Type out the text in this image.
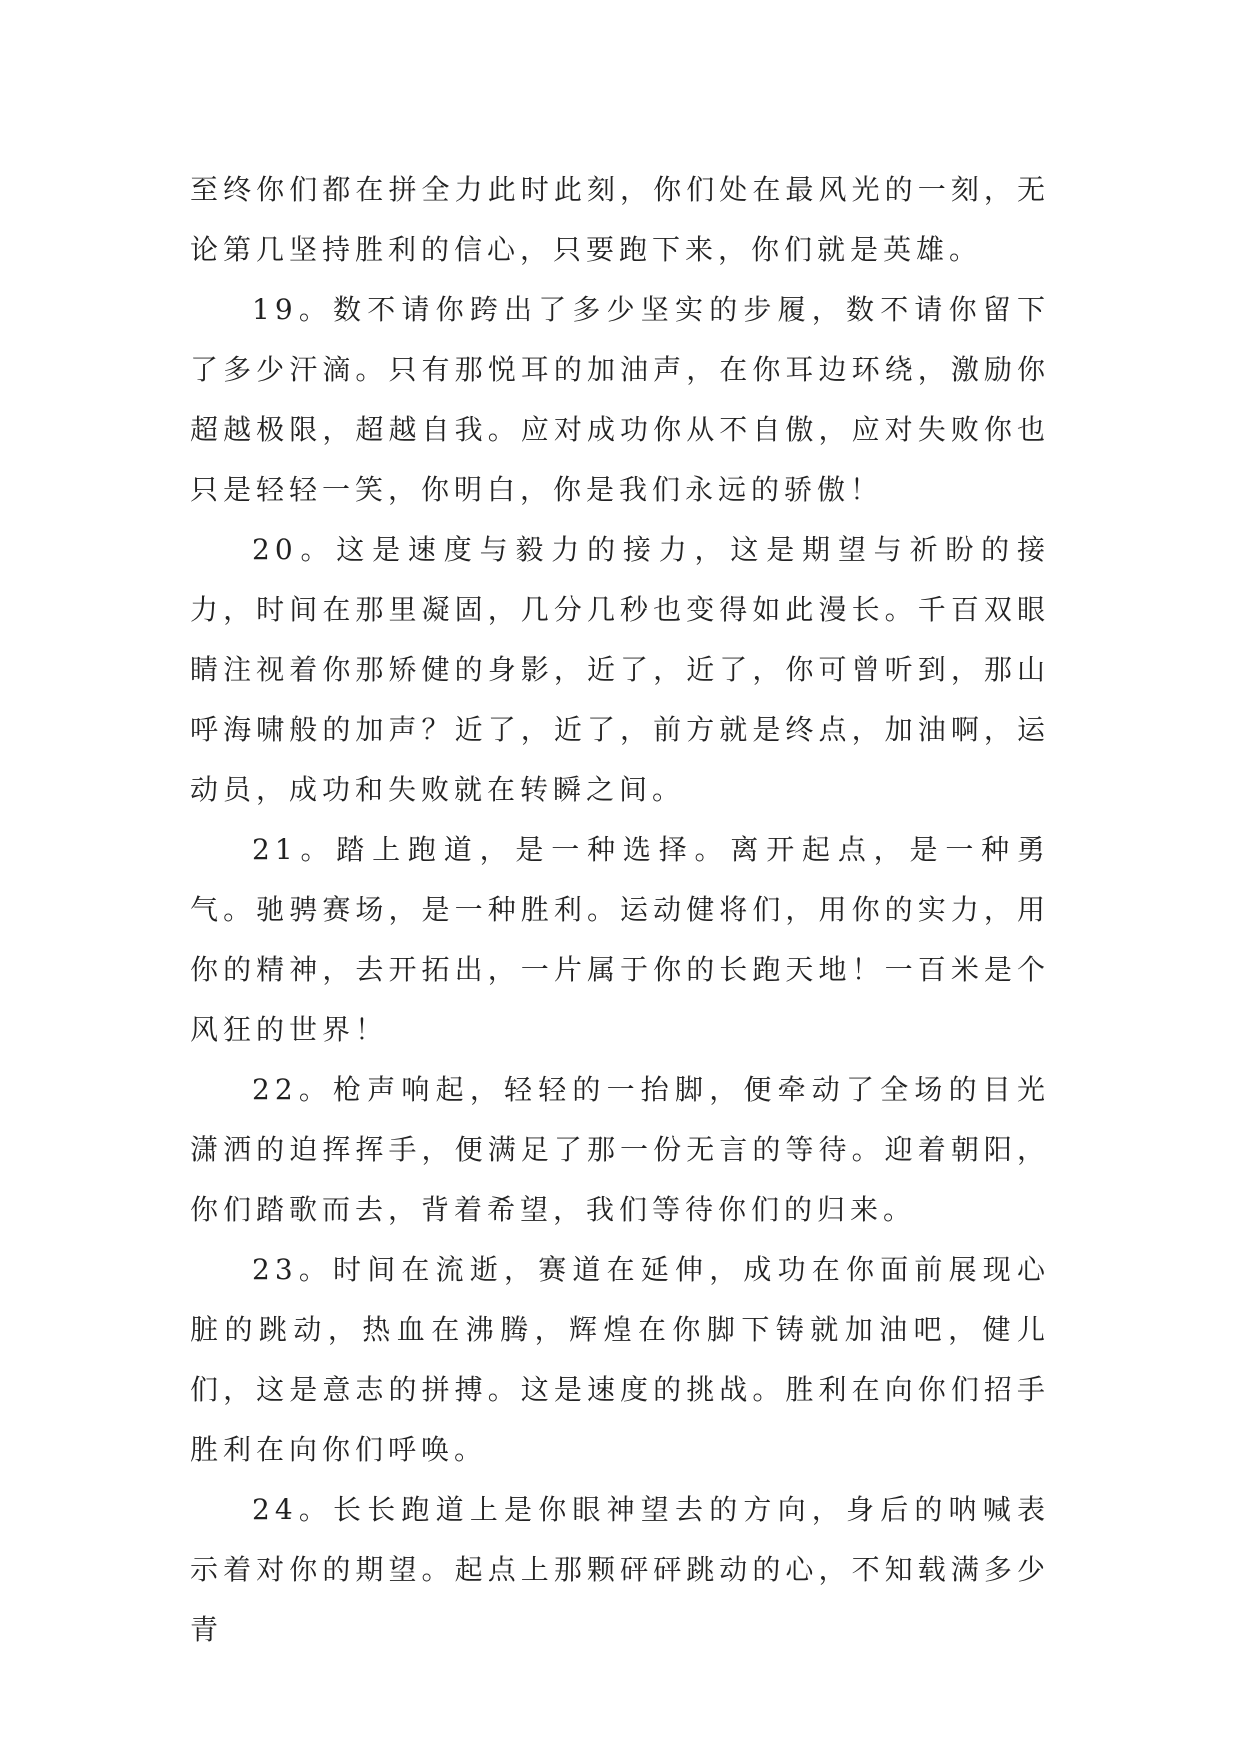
至终你们都在拼全力此时此刻，你们处在最风光的一刻，无论第几坚持胜利的信心，只要跑下来，你们就是英雄。

19。数不请你跨出了多少坚实的步履，数不请你留下了多少汗滴。只有那悦耳的加油声，在你耳边环绕，激励你超越极限，超越自我。应对成功你从不自傲，应对失败你也只是轻轻一笑，你明白，你是我们永远的骄傲！

20。这是速度与毅力的接力，这是期望与祈盼的接力，时间在那里凝固，几分几秒也变得如此漫长。千百双眼睛注视着你那矫健的身影，近了，近了，你可曾听到，那山呼海啸般的加声？近了，近了，前方就是终点，加油啊，运动员，成功和失败就在转瞬之间。

21。踏上跑道，是一种选择。离开起点，是一种勇气。驰骋赛场，是一种胜利。运动健将们，用你的实力，用你的精神，去开拓出，一片属于你的长跑天地！一百米是个风狂的世界！

22。枪声响起，轻轻的一抬脚，便牵动了全场的目光潇洒的迫挥挥手，便满足了那一份无言的等待。迎着朝阳，你们踏歌而去，背着希望，我们等待你们的归来。

23。时间在流逝，赛道在延伸，成功在你面前展现心脏的跳动，热血在沸腾，辉煌在你脚下铸就加油吧，健儿们，这是意志的拼搏。这是速度的挑战。胜利在向你们招手胜利在向你们呼唤。

24。长长跑道上是你眼神望去的方向，身后的呐喊表示着对你的期望。起点上那颗砰砰跳动的心，不知载满多少青
